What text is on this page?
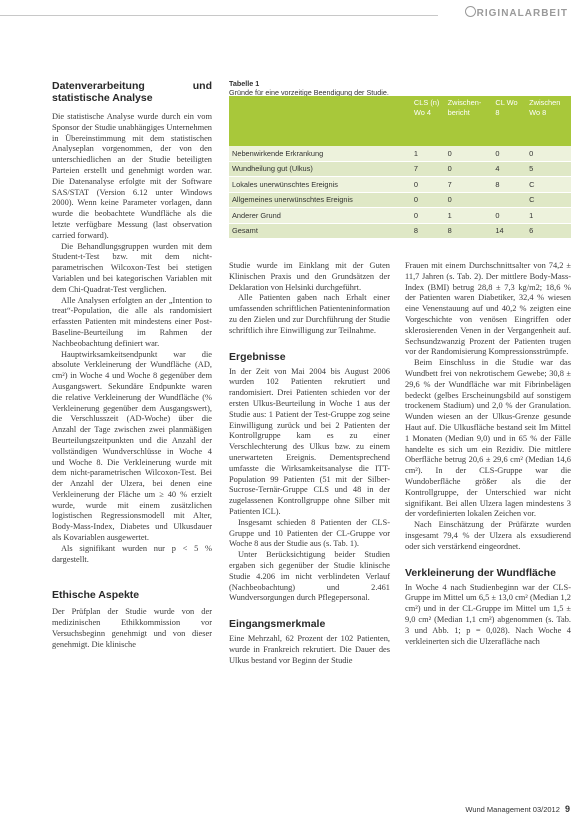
RIGINALARBEIT
Datenverarbeitung und statistische Analyse

Die statistische Analyse wurde durch ein vom Sponsor der Studie unabhängiges Unternehmen in Übereinstimmung mit dem statistischen Analyseplan vorgenommen, der von den unterschiedlichen an der Studie beteiligten Parteien erstellt und genehmigt worden war. Die Datenanalyse erfolgte mit der Software SAS/STAT (Version 6.12 unter Windows 2000). Wenn keine Parameter vorlagen, dann wurde die beobachtete Wundfläche als die letzte verfügbare Messung (last observation carried forward).

Die Behandlungsgruppen wurden mit dem Student-t-Test bzw. mit dem nicht-parametrischen Wilcoxon-Test bei stetigen Variablen und bei kategorischen Variablen mit dem Chi-Quadrat-Test verglichen.

Alle Analysen erfolgten an der „Intention to treat“-Population, die alle als randomisiert erfassten Patienten mit mindestens einer Post-Baseline-Beurteilung im Rahmen der Nachbeobachtung definiert war.

Hauptwirksamkeitsendpunkt war die absolute Verkleinerung der Wundfläche (AD, cm²) in Woche 4 und Woche 8 gegenüber dem Ausgangswert. Sekundäre Endpunkte waren die relative Verkleinerung der Wundfläche (% Verkleinerung gegenüber dem Ausgangswert), die Verschlusszeit (AD-Woche) über die Anzahl der Tage zwischen zwei planmäßigen Beurteilungszeitpunkten und die Anzahl der vollständigen Wundverschlüsse in Woche 4 und Woche 8. Die Verkleinerung wurde mit dem nicht-parametrischen Wilcoxon-Test. Bei der Anzahl der Ulzera, bei denen eine Verkleinerung der Fläche um ≥ 40 % erzielt wurde, wurde mit einem zusätzlichen logistischen Regressionsmodell mit Alter, Body-Mass-Index, Diabetes und Ulkusdauer als Kovariablen ausgewertet.

Als signifikant wurden nur p < 5 % dargestellt.

Ethische Aspekte

Der Prüfplan der Studie wurde von der medizinischen Ethikkommission vor Versuchsbeginn genehmigt und von dieser genehmigt. Die klinische

Tabelle 1
Gründe für eine vorzeitige Beendigung der Studie.
	CLS (n) Wo 4	Zwischen-bericht	CL Wo 8	Zwischen Wo 8
Nebenwirkende Erkrankung	1	0	0	0
Wundheilung gut (Ulkus)	7	0	4	5
Lokales unerwünschtes Ereignis	0	7	8	C
Allgemeines unerwünschtes Ereignis	0	0		C
Anderer Grund	0	1	0	1
Gesamt	8	8	14	6

Studie wurde im Einklang mit der Guten Klinischen Praxis und den Grundsätzen der Deklaration von Helsinki durchgeführt.

Alle Patienten gaben nach Erhalt einer umfassenden schriftlichen Patienteninformation zu den Zielen und zur Durchführung der Studie schriftlich ihre Einwilligung zur Teilnahme.

Ergebnisse

In der Zeit von Mai 2004 bis August 2006 wurden 102 Patienten rekrutiert und randomisiert. Drei Patienten schieden vor der ersten Ulkus-Beurteilung in Woche 1 aus der Studie aus: 1 Patient der Test-Gruppe zog seine Einwilligung zurück und bei 2 Patienten der Kontrollgruppe kam es zu einer Verschlechterung des Ulkus bzw. zu einem unerwarteten Ereignis. Dementsprechend umfasste die Wirksamkeitsanalyse die ITT-Population 99 Patienten (51 mit der Silber-Sucrose-Ternär-Gruppe CLS und 48 in der zugelassenen Kontrollgruppe ohne Silber mit Patienten ICL).

Insgesamt schieden 8 Patienten der CLS-Gruppe und 10 Patienten der CL-Gruppe vor Woche 8 aus der Studie aus (s. Tab. 1).

Unter Berücksichtigung beider Studien ergaben sich gegenüber der Studie klinische Studie 4.206 im nicht verblindeten Verlauf (Nachbeobachtung) und 2.461 Wundversorgungen durch Pflegepersonal.

Eingangsmerkmale

Eine Mehrzahl, 62 Prozent der 102 Patienten, wurde in Frankreich rekrutiert. Die Dauer des Ulkus bestand vor Beginn der Studie

Frauen mit einem Durchschnittsalter von 74,2 ± 11,7 Jahren (s. Tab. 2). Der mittlere Body-Mass-Index (BMI) betrug 28,8 ± 7,3 kg/m2; 18,6 % der Patienten waren Diabetiker, 32,4 % wiesen eine Venenstauung auf und 40,2 % zeigten eine Vorgeschichte von venösen Eingriffen oder sklerosierenden Venen in der Vergangenheit auf. Sechsundzwanzig Prozent der Patienten trugen vor der Randomisierung Kompressionsstrümpfe.

Beim Einschluss in die Studie war das Wundbett frei von nekrotischem Gewebe; 30,8 ± 29,6 % der Wundfläche war mit Fibrinbelägen bedeckt (gelbes Erscheinungsbild auf sonstigem trockenem Stadium) und 2,0 % der Granulation. Wunden wiesen an der Ulkus-Grenze gesunde Haut auf. Die Ulkusfläche bestand seit Im Mittel 1 Monaten (Median 9,0) und in 65 % der Fälle handelte es sich um ein Rezidiv. Die mittlere Oberfläche betrug 20,6 ± 29,6 cm² (Median 14,6 cm²). In der CLS-Gruppe war die Wundoberfläche größer als die der Kontrollgruppe, der Unterschied war nicht signifikant. Bei allen Ulzera lagen mindestens 3 der vordefinierten lokalen Zeichen vor.

Nach Einschätzung der Prüfärzte wurden insgesamt 79,4 % der Ulzera als exsudierend oder sich verstärkend eingeordnet.

Verkleinerung der Wundfläche

In Woche 4 nach Studienbeginn war der CLS-Gruppe im Mittel um 6,5 ± 13,0 cm² (Median 1,2 cm²) und in der CL-Gruppe im Mittel um 1,5 ± 9,0 cm² (Median 1,1 cm²) abgenommen (s. Tab. 3 und Abb. 1; p = 0,028). Nach Woche 4 verkleinerten sich die Ulzerafläche nach

Wund Management 03/2012 9
